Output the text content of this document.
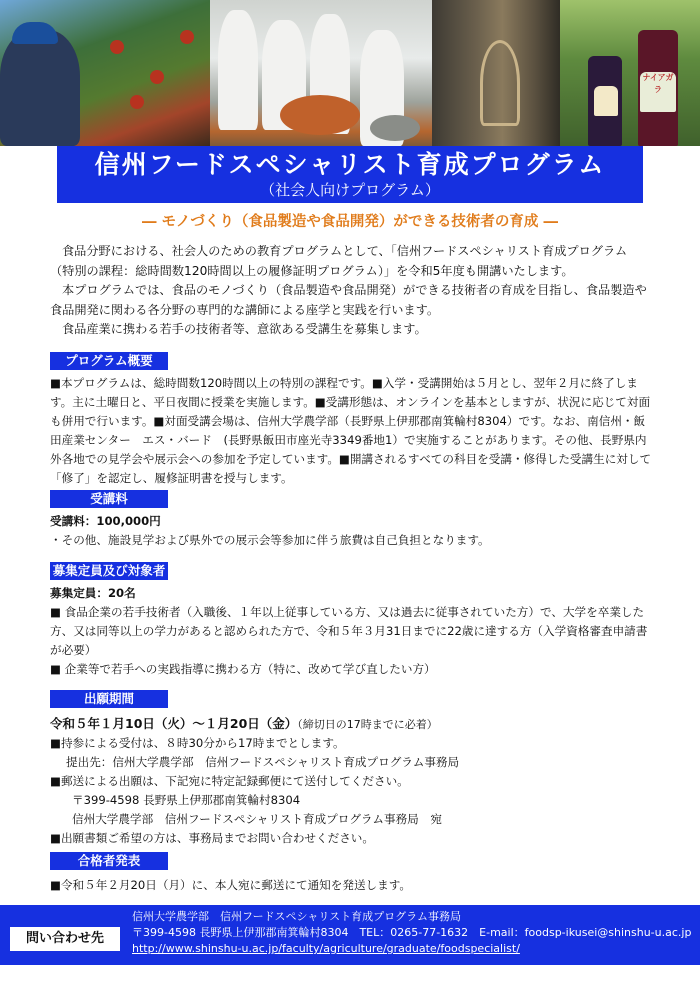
ナイアガラ
信州フードスペシャリスト育成プログラム
（社会人向けプログラム）
― モノづくり（食品製造や食品開発）ができる技術者の育成 ―

食品分野における、社会人のための教育プログラムとして、「信州フードスペシャリスト育成プログラム（特別の課程：総時間数120時間以上の履修証明プログラム）」を令和5年度も開講いたします。

本プログラムでは、食品のモノづくり（食品製造や食品開発）ができる技術者の育成を目指し、食品製造や食品開発に関わる各分野の専門的な講師による座学と実践を行います。

食品産業に携わる若手の技術者等、意欲ある受講生を募集します。

プログラム概要

■本プログラムは、総時間数120時間以上の特別の課程です。■入学・受講開始は５月とし、翌年２月に終了します。主に土曜日と、平日夜間に授業を実施します。■受講形態は、オンラインを基本としますが、状況に応じて対面も併用で行います。■対面受講会場は、信州大学農学部（長野県上伊那郡南箕輪村8304）です。なお、南信州・飯田産業センター　エス・バード　(長野県飯田市座光寺3349番地1）で実施することがあります。その他、長野県内外各地での見学会や展示会への参加を予定しています。■開講されるすべての科目を受講・修得した受講生に対して「修了」を認定し、履修証明書を授与します。

受講料

受講料：100,000円

・その他、施設見学および県外での展示会等参加に伴う旅費は自己負担となります。

募集定員及び対象者

募集定員：20名

■ 食品企業の若手技術者（入職後、１年以上従事している方、又は過去に従事されていた方）で、大学を卒業した方、又は同等以上の学力があると認められた方で、令和５年３月31日までに22歳に達する方（入学資格審査申請書が必要）

■ 企業等で若手への実践指導に携わる方（特に、改めて学び直したい方）

出願期間

令和５年１月10日（火）～１月20日（金）（締切日の17時までに必着）

■持参による受付は、８時30分から17時までとします。

提出先：信州大学農学部　信州フードスペシャリスト育成プログラム事務局

■郵送による出願は、下記宛に特定記録郵便にて送付してください。

〒399-4598 長野県上伊那郡南箕輪村8304

信州大学農学部　信州フードスペシャリスト育成プログラム事務局　宛

■出願書類ご希望の方は、事務局までお問い合わせください。

合格者発表

■令和５年２月20日（月）に、本人宛に郵送にて通知を発送します。

問い合わせ先
信州大学農学部　信州フードスペシャリスト育成プログラム事務局
〒399-4598 長野県上伊那郡南箕輪村8304　TEL：0265-77-1632　E-mail：foodsp-ikusei@shinshu-u.ac.jp
http://www.shinshu-u.ac.jp/faculty/agriculture/graduate/foodspecialist/
